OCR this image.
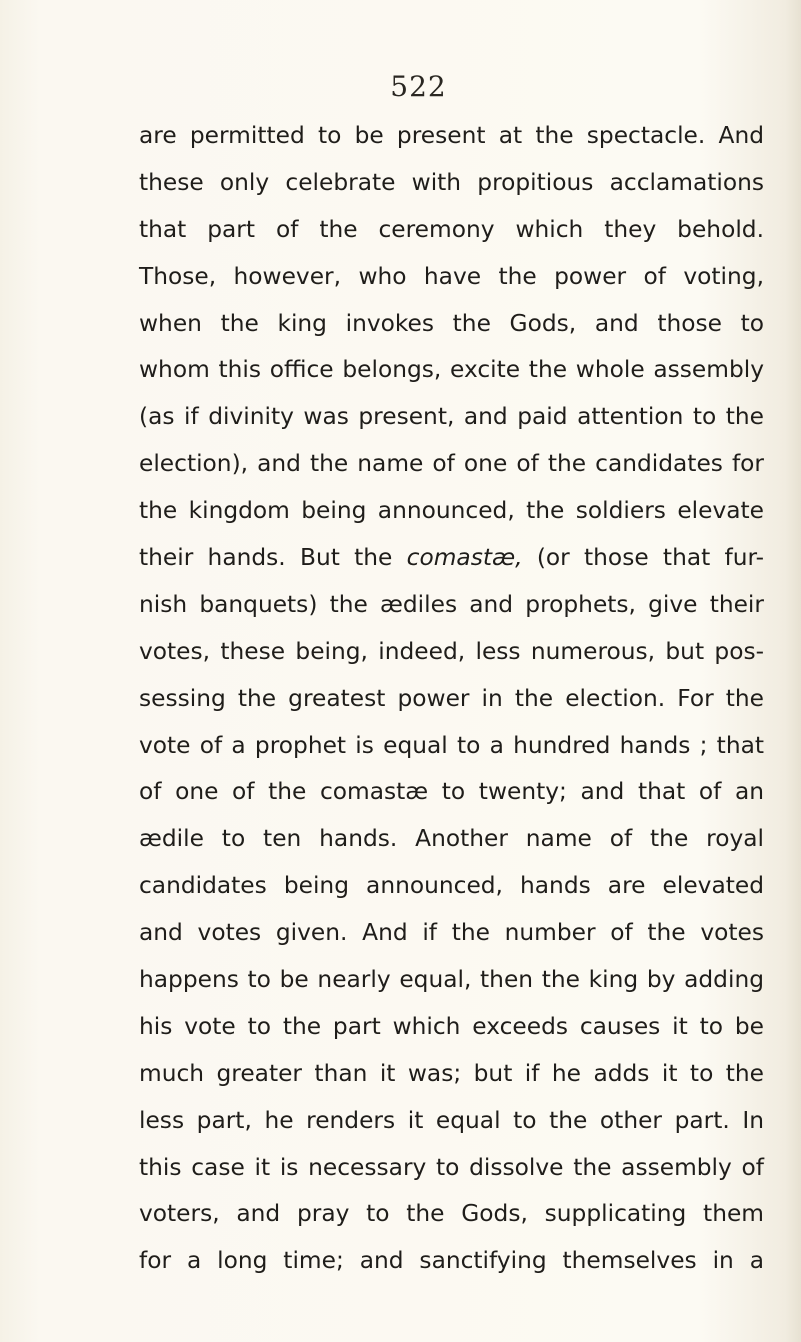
522
are permitted to be present at the spectacle. And
these only celebrate with propitious acclamations
that part of the ceremony which they behold.
Those, however, who have the power of voting,
when the king invokes the Gods, and those to
whom this office belongs, excite the whole assembly
(as if divinity was present, and paid attention to the
election), and the name of one of the candidates for
the kingdom being announced, the soldiers elevate
their hands. But the comastæ, (or those that fur-
nish banquets) the ædiles and prophets, give their
votes, these being, indeed, less numerous, but pos-
sessing the greatest power in the election. For the
vote of a prophet is equal to a hundred hands ; that
of one of the comastæ to twenty; and that of an
ædile to ten hands. Another name of the royal
candidates being announced, hands are elevated
and votes given. And if the number of the votes
happens to be nearly equal, then the king by adding
his vote to the part which exceeds causes it to be
much greater than it was; but if he adds it to the
less part, he renders it equal to the other part. In
this case it is necessary to dissolve the assembly of
voters, and pray to the Gods, supplicating them
for a long time; and sanctifying themselves in a
